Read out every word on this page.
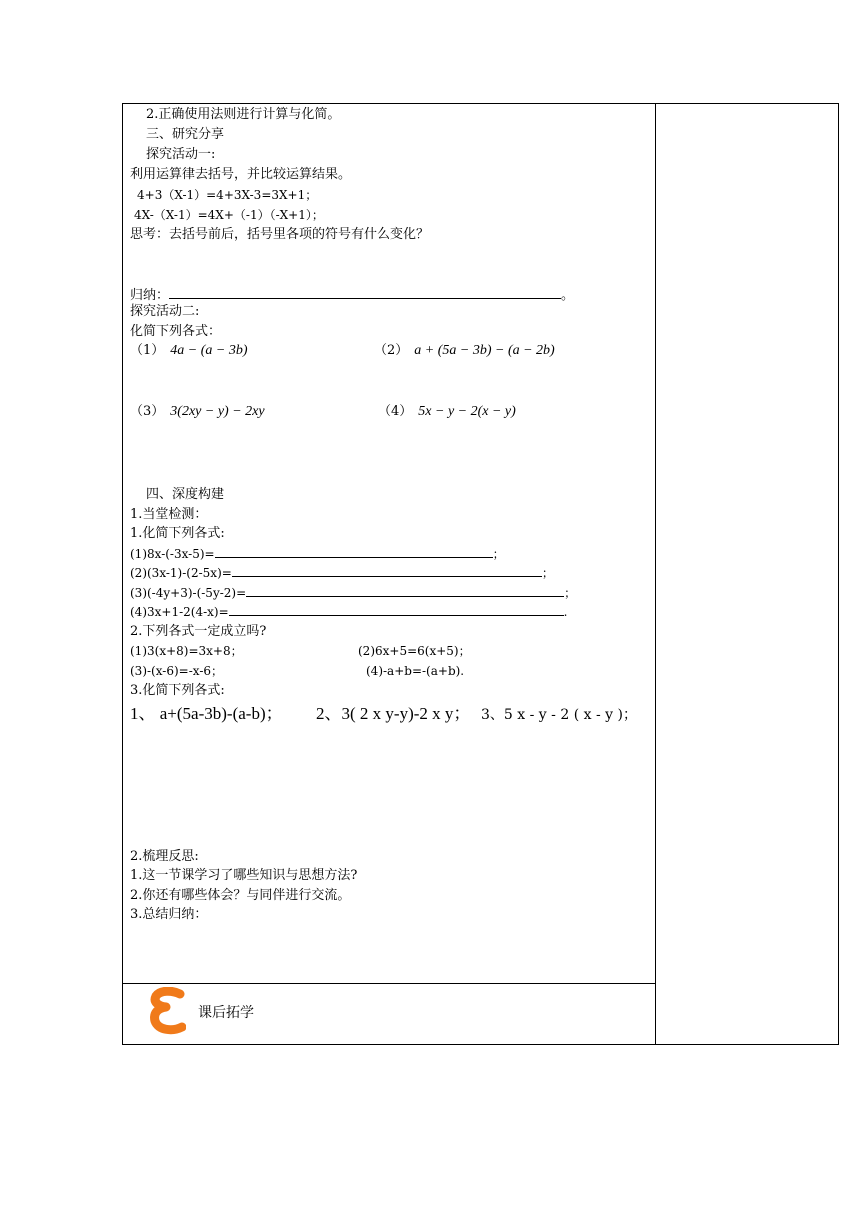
2.正确使用法则进行计算与化简。
三、研究分享
探究活动一:
利用运算律去括号，并比较运算结果。
4+3（X-1）=4+3X-3=3X+1；
4X-（X-1）=4X+（-1）（-X+1）；
思考：去括号前后，括号里各项的符号有什么变化？
归纳：	。
探究活动二:
化简下列各式：
（1） 4a − (a − 3b)	（2） a + (5a − 3b) − (a − 2b)
（3） 3(2xy − y) − 2xy	（4） 5x − y − 2(x − y)
四、深度构建
1.当堂检测：
1.化简下列各式:
(1)8x-(-3x-5)=	；
(2)(3x-1)-(2-5x)=	；
(3)(-4y+3)-(-5y-2)=	；
(4)3x+1-2(4-x)=	.
2.下列各式一定成立吗?
(1)3(x+8)=3x+8；	(2)6x+5=6(x+5)；
(3)-(x-6)=-x-6；	(4)-a+b=-(a+b).
3.化简下列各式:
1、 a+(5a-3b)-(a-b)； 2、3( 2 x y-y)-2 x y； 3、5 x - y - 2 ( x - y )；
2.梳理反思:
1.这一节课学习了哪些知识与思想方法?
2.你还有哪些体会？与同伴进行交流。
3.总结归纳：
课后拓学
